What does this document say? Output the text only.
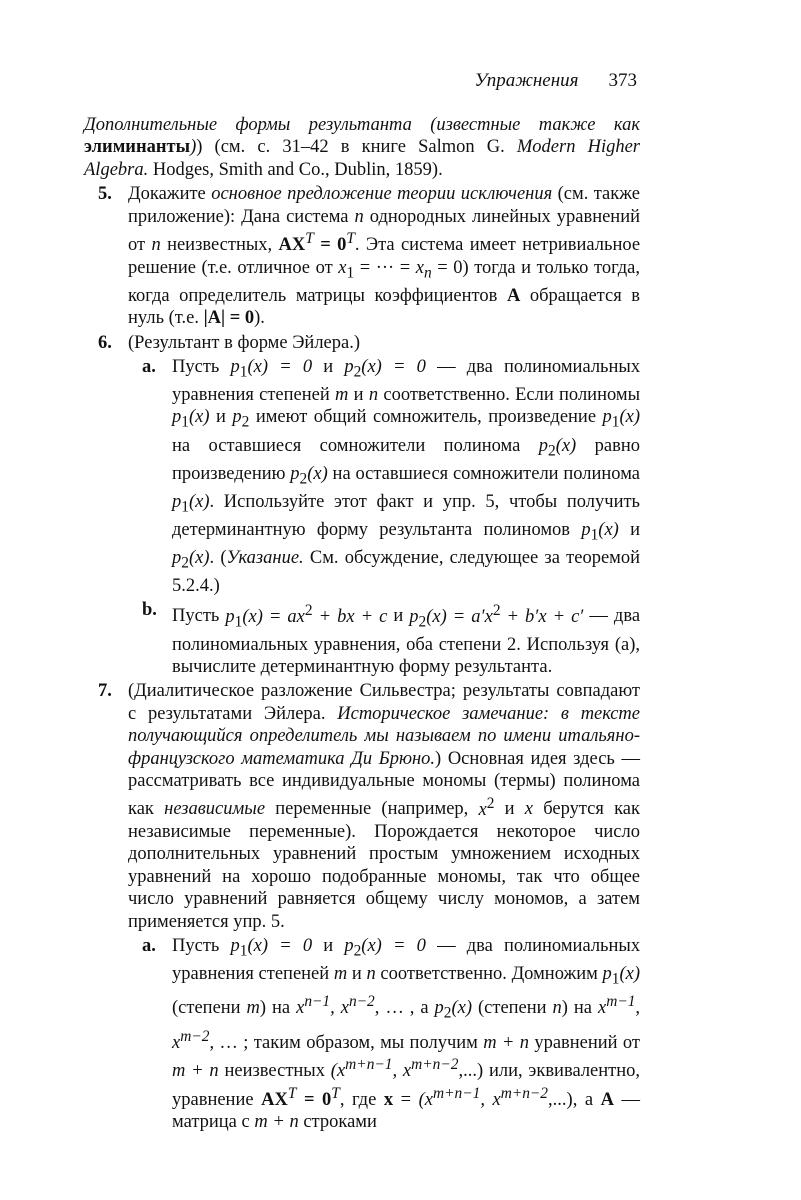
Упражнения 373

Дополнительные формы результанта (известные также как элиминанты)) (см. с. 31–42 в книге Salmon G. Modern Higher Algebra. Hodges, Smith and Co., Dublin, 1859).

5. Докажите основное предложение теории исключения (см. также приложение): Дана система n однородных линейных уравнений от n неизвестных, $AX^T = 0^T$. Эта система имеет нетривиальное решение (т.е. отличное от $x_1$ = ··· = $x_n = 0$) тогда и только тогда, когда определитель матрицы коэффициентов A обращается в нуль (т.е. |A| = 0).
6. (Результант в форме Эйлера.)
a. Пусть $p_1(x) = 0$ и $p_2(x) = 0$ — два полиномиальных уравнения степеней m и n соответственно. Если полиномы $p_1(x)$ и $p_2$ имеют общий сомножитель, произведение $p_1(x)$ на оставшиеся сомножители полинома $p_2(x)$ равно произведению $p_2(x)$ на оставшиеся сомножители полинома $p_1(x)$. Используйте этот факт и упр. 5, чтобы получить детерминантную форму результанта полиномов $p_1(x)$ и $p_2(x)$. (Указание. См. обсуждение, следующее за теоремой 5.2.4.)
b. Пусть $p_1(x) = ax^2$ + bx + c и $p_2(x) = a'x^2 + b'x + c'$ — два полиномиальных уравнения, оба степени 2. Используя (a), вычислите детерминантную форму результанта.
7. (Диалитическое разложение Сильвестра; результаты совпадают с результатами Эйлера. Историческое замечание: в тексте получающийся определитель мы называем по имени итальяно-французского математика Ди Брюно.) Основная идея здесь — рассматривать все индивидуальные мономы (термы) полинома как независимые переменные (например, $x^2$ и x берутся как независимые переменные). Порождается некоторое число дополнительных уравнений простым умножением исходных уравнений на хорошо подобранные мономы, так что общее число уравнений равняется общему числу мономов, а затем применяется упр. 5.
a. Пусть $p_1(x) = 0$ и $p_2(x) = 0$ — два полиномиальных уравнения степеней m и n соответственно. Домножим $p_1(x)$ (степени m) на $x^{n-1}$, $x^{n-2}$, … , а $p_2(x)$ (степени n) на $x^{m-1}$, $x^{m-2}$, … ; таким образом, мы получим m + n уравнений от m + n неизвестных ($x^{m+n-1}$, $x^{m+n-2}$,...) или, эквивалентно, уравнение $AX^T = 0^T$, где $x = (x^{m+n-1}$, $x^{m+n-2}$,...), а A — матрица с m + n строками
